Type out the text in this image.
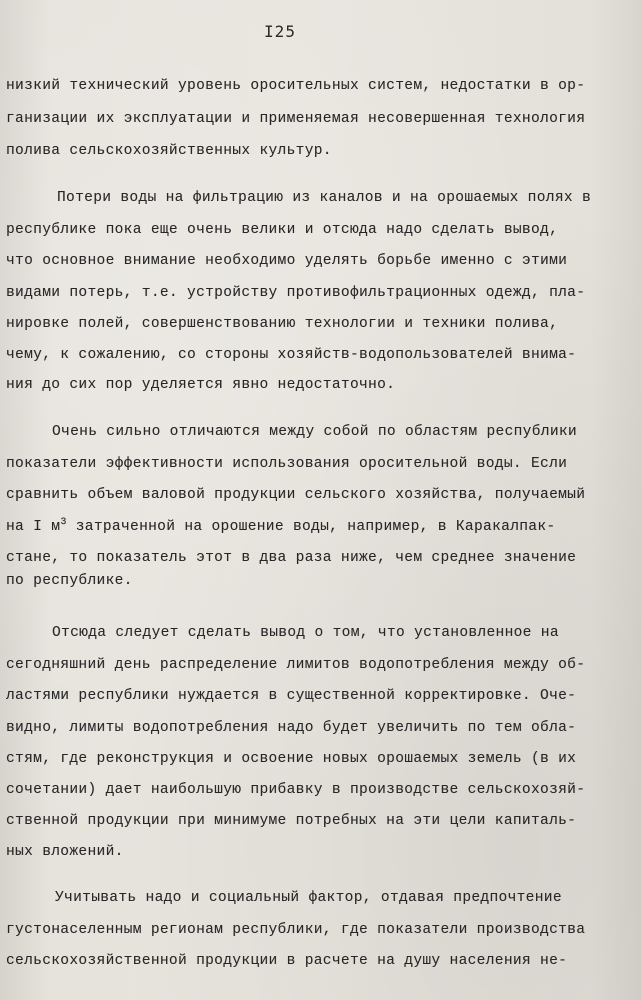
I25
низкий технический уровень оросительных систем, недостатки в ор-
ганизации их эксплуатации и применяемая несовершенная технология
полива сельскохозяйственных культур.
Потери воды на фильтрацию из каналов и на орошаемых полях в
республике пока еще очень велики и отсюда надо сделать вывод,
что основное внимание необходимо уделять борьбе именно с этими
видами потерь, т.е. устройству противофильтрационных одежд, пла-
нировке полей, совершенствованию технологии и техники полива,
чему, к сожалению, со стороны хозяйств-водопользователей внима-
ния до сих пор уделяется явно недостаточно.
Очень сильно отличаются между собой по областям республики
показатели эффективности использования оросительной воды. Если
сравнить объем валовой продукции сельского хозяйства, получаемый
на I $м^3$ затраченной на орошение воды, например, в Каракалпак-
стане, то показатель этот в два раза ниже, чем среднее значение
по республике.
Отсюда следует сделать вывод о том, что установленное на
сегодняшний день распределение лимитов водопотребления между об-
ластями республики нуждается в существенной корректировке. Оче-
видно, лимиты водопотребления надо будет увеличить по тем обла-
стям, где реконструкция и освоение новых орошаемых земель (в их
сочетании) дает наибольшую прибавку в производстве сельскохозяй-
ственной продукции при минимуме потребных на эти цели капиталь-
ных вложений.
Учитывать надо и социальный фактор, отдавая предпочтение
густонаселенным регионам республики, где показатели производства
сельскохозяйственной продукции в расчете на душу населения не-
